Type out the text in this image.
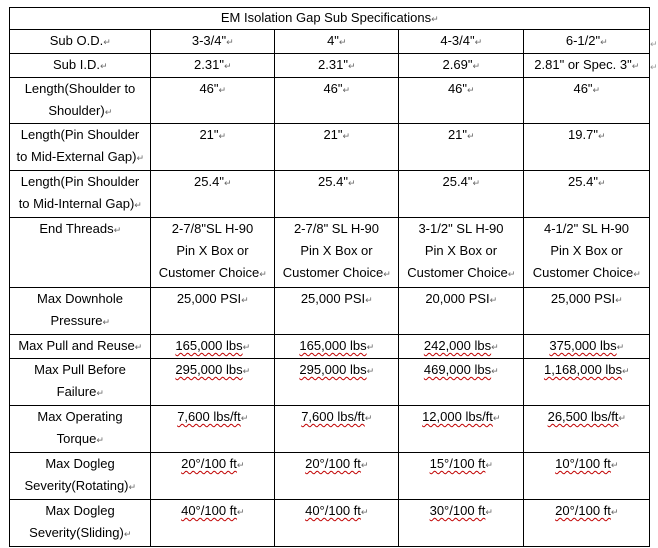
EM Isolation Gap Sub Specifications↵				

Sub O.D.↵	3-3/4"↵	4"↵	4-3/4"↵	6-1/2"↵

Sub I.D.↵	2.31"↵	2.31"↵	2.69"↵	2.81" or Spec. 3"↵

Length(Shoulder to
Shoulder)↵	46"↵	46"↵	46"↵	46"↵

Length(Pin Shoulder
to Mid-External Gap)↵	21"↵	21"↵	21"↵	19.7"↵

Length(Pin Shoulder
to Mid-Internal Gap)↵	25.4"↵	25.4"↵	25.4"↵	25.4"↵

End Threads↵	2-7/8"SL H-90
Pin X Box or
Customer Choice↵	2-7/8" SL H-90
Pin X Box or
Customer Choice↵	3-1/2" SL H-90
Pin X Box or
Customer Choice↵	4-1/2" SL H-90
Pin X Box or
Customer Choice↵

Max Downhole
Pressure↵	25,000 PSI↵	25,000 PSI↵	20,000 PSI↵	25,000 PSI↵

Max Pull and Reuse↵	165,000 lbs↵	165,000 lbs↵	242,000 lbs↵	375,000 lbs↵

Max Pull Before
Failure↵	295,000 lbs↵	295,000 lbs↵	469,000 lbs↵	1,168,000 lbs↵

Max Operating
Torque↵	7,600 lbs/ft↵	7,600 lbs/ft↵	12,000 lbs/ft↵	26,500 lbs/ft↵

Max Dogleg
Severity(Rotating)↵	20°/100 ft↵	20°/100 ft↵	15°/100 ft↵	10°/100 ft↵

Max Dogleg
Severity(Sliding)↵	40°/100 ft↵	40°/100 ft↵	30°/100 ft↵	20°/100 ft↵
↵
↵
